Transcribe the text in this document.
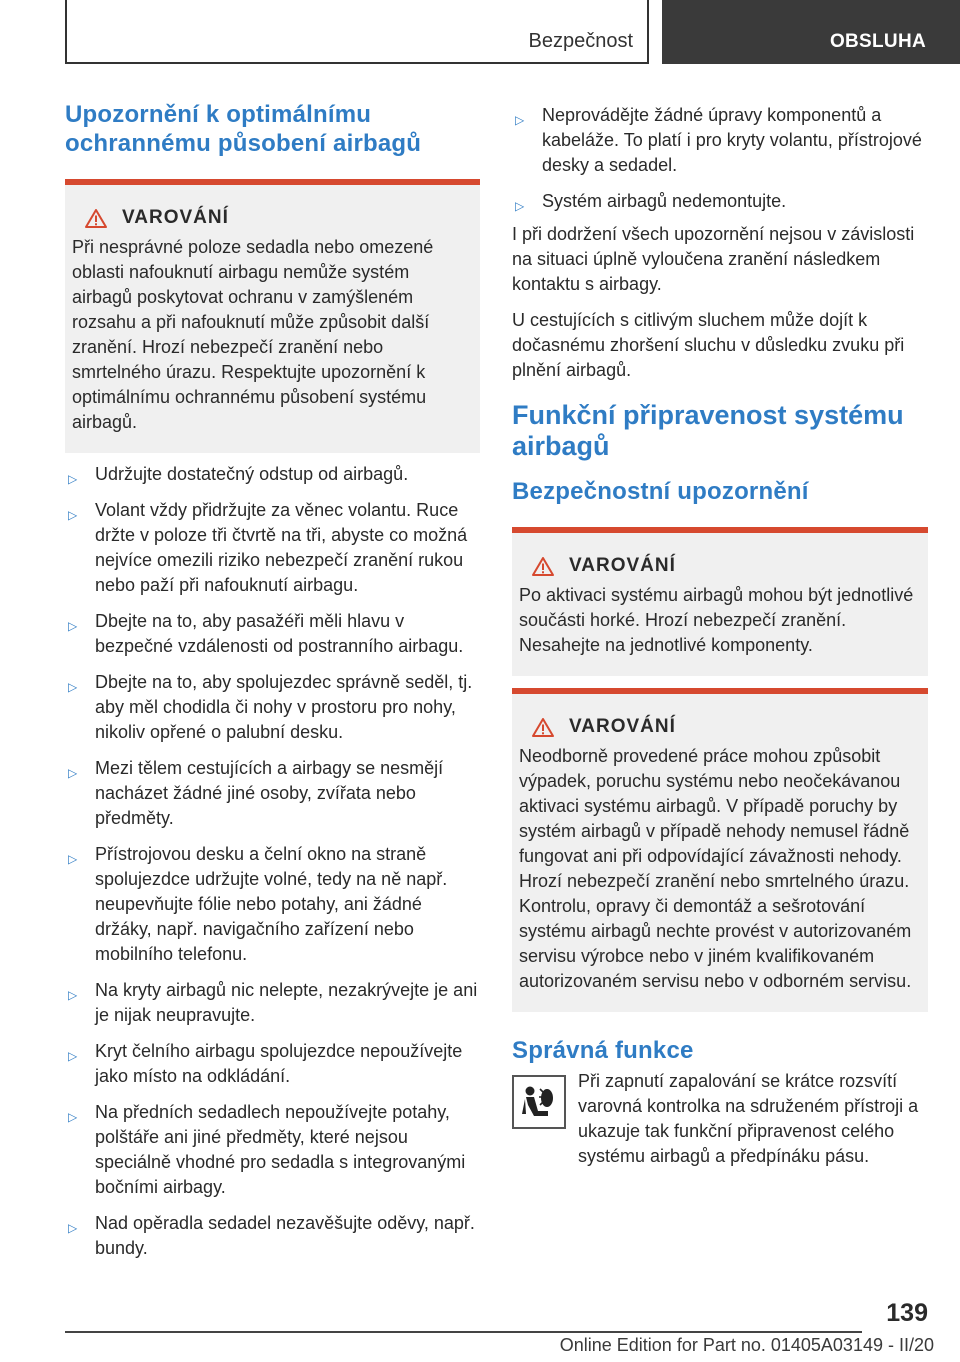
Bezpečnost	OBSLUHA
Upozornění k optimálnímu ochrannému působení airbagů
VAROVÁNÍ
Při nesprávné poloze sedadla nebo omezené oblasti nafouknutí airbagu nemůže systém airbagů poskytovat ochranu v zamýšleném rozsahu a při nafouknutí může způsobit další zranění. Hrozí nebezpečí zranění nebo smrtelného úrazu. Respektujte upozornění k optimálnímu ochrannému působení systému airbagů.
▷ Udržujte dostatečný odstup od airbagů.
▷ Volant vždy přidržujte za věnec volantu. Ruce držte v poloze tři čtvrtě na tři, abyste co možná nejvíce omezili riziko nebezpečí zranění rukou nebo paží při nafouknutí airbagu.
▷ Dbejte na to, aby pasažéři měli hlavu v bezpečné vzdálenosti od postranního airbagu.
▷ Dbejte na to, aby spolujezdec správně seděl, tj. aby měl chodidla či nohy v prostoru pro nohy, nikoliv opřené o palubní desku.
▷ Mezi tělem cestujících a airbagy se nesmějí nacházet žádné jiné osoby, zvířata nebo předměty.
▷ Přístrojovou desku a čelní okno na straně spolujezdce udržujte volné, tedy na ně např. neupevňujte fólie nebo potahy, ani žádné držáky, např. navigačního zařízení nebo mobilního telefonu.
▷ Na kryty airbagů nic nelepte, nezakrývejte je ani je nijak neupravujte.
▷ Kryt čelního airbagu spolujezdce nepoužívejte jako místo na odkládání.
▷ Na předních sedadlech nepoužívejte potahy, polštáře ani jiné předměty, které nejsou speciálně vhodné pro sedadla s integrovanými bočními airbagy.
▷ Nad opěradla sedadel nezavěšujte oděvy, např. bundy.
▷ Neprovádějte žádné úpravy komponentů a kabeláže. To platí i pro kryty volantu, přístrojové desky a sedadel.
▷ Systém airbagů nedemontujte.

I při dodržení všech upozornění nejsou v závislosti na situaci úplně vyloučena zranění následkem kontaktu s airbagy.

U cestujících s citlivým sluchem může dojít k dočasnému zhoršení sluchu v důsledku zvuku při plnění airbagů.

Funkční připravenost systému airbagů
Bezpečnostní upozornění
VAROVÁNÍ
Po aktivaci systému airbagů mohou být jednotlivé součásti horké. Hrozí nebezpečí zranění. Nesahejte na jednotlivé komponenty.
VAROVÁNÍ
Neodborně provedené práce mohou způsobit výpadek, poruchu systému nebo neočekávanou aktivaci systému airbagů. V případě poruchy by systém airbagů v případě nehody nemusel řádně fungovat ani při odpovídající závažnosti nehody. Hrozí nebezpečí zranění nebo smrtelného úrazu. Kontrolu, opravy či demontáž a sešrotování systému airbagů nechte provést v autorizovaném servisu výrobce nebo v jiném kvalifikovaném autorizovaném servisu nebo v odborném servisu.
Správná funkce

Při zapnutí zapalování se krátce rozsvítí varovná kontrolka na sdruženém přístroji a ukazuje tak funkční připravenost celého systému airbagů a předpínáku pásu.

139
Online Edition for Part no. 01405A03149 - II/20
